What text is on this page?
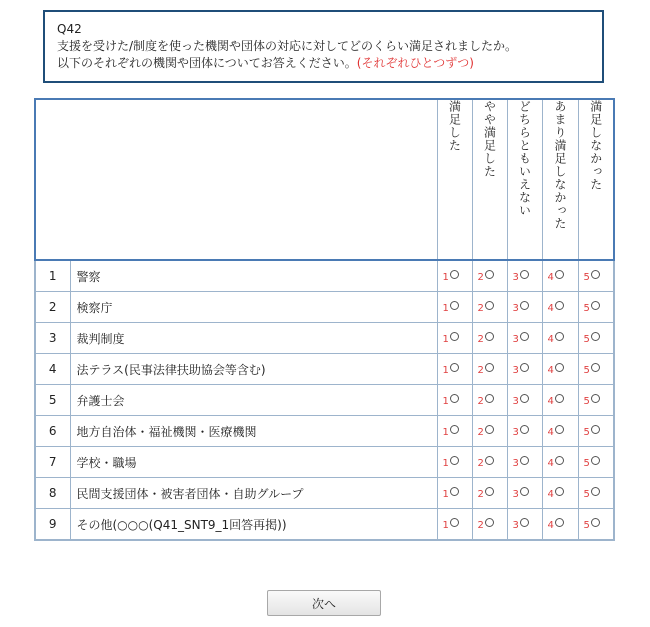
Q42
支援を受けた/制度を使った機関や団体の対応に対してどのくらい満足されましたか。
以下のそれぞれの機関や団体についてお答えください。(それぞれひとつずつ)
		満足した	やや満足した	どちらともいえない	あまり満足しなかった	満足しなかった
1	警察	1	2	3	4	5
2	検察庁	1	2	3	4	5
3	裁判制度	1	2	3	4	5
4	法テラス(民事法律扶助協会等含む)	1	2	3	4	5
5	弁護士会	1	2	3	4	5
6	地方自治体・福祉機関・医療機関	1	2	3	4	5
7	学校・職場	1	2	3	4	5
8	民間支援団体・被害者団体・自助グループ	1	2	3	4	5
9	その他(○○○(Q41_SNT9_1回答再掲))	1	2	3	4	5
次へ
